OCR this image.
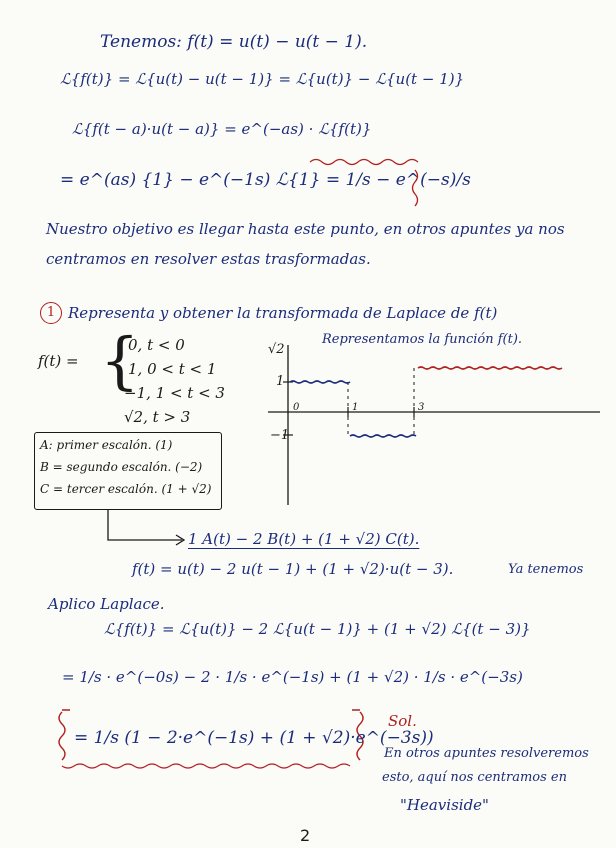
Tenemos: f(t) = u(t) − u(t − 1).
ℒ{f(t)} = ℒ{u(t) − u(t − 1)} = ℒ{u(t)} − ℒ{u(t − 1)}
ℒ{f(t − a)·u(t − a)} = e^(−as) · ℒ{f(t)}
= e^(as) {1} − e^(−1s) ℒ{1} = 1/s − e^(−s)/s
Nuestro objetivo es llegar hasta este punto, en otros apuntes ya nos
centramos en resolver estas trasformadas.
1 Representa y obtener la transformada de Laplace de f(t)
f(t) = {
0, t < 0
1, 0 < t < 1
−1, 1 < t < 3
√2, t > 3
Representamos la función f(t).
√2
1
−1
0	1	3
A: primer escalón. (1)
B = segundo escalón. (−2)
C = tercer escalón. (1 + √2)
1 A(t) − 2 B(t) + (1 + √2) C(t).
f(t) = u(t) − 2 u(t − 1) + (1 + √2)·u(t − 3).	Ya tenemos
Aplico Laplace.
ℒ{f(t)} = ℒ{u(t)} − 2 ℒ{u(t − 1)} + (1 + √2) ℒ{(t − 3)}
= 1/s · e^(−0s) − 2 · 1/s · e^(−1s) + (1 + √2) · 1/s · e^(−3s)
= 1/s (1 − 2·e^(−1s) + (1 + √2)·e^(−3s))
Sol.
En otros apuntes resolveremos
esto, aquí nos centramos en
"Heaviside"
2
